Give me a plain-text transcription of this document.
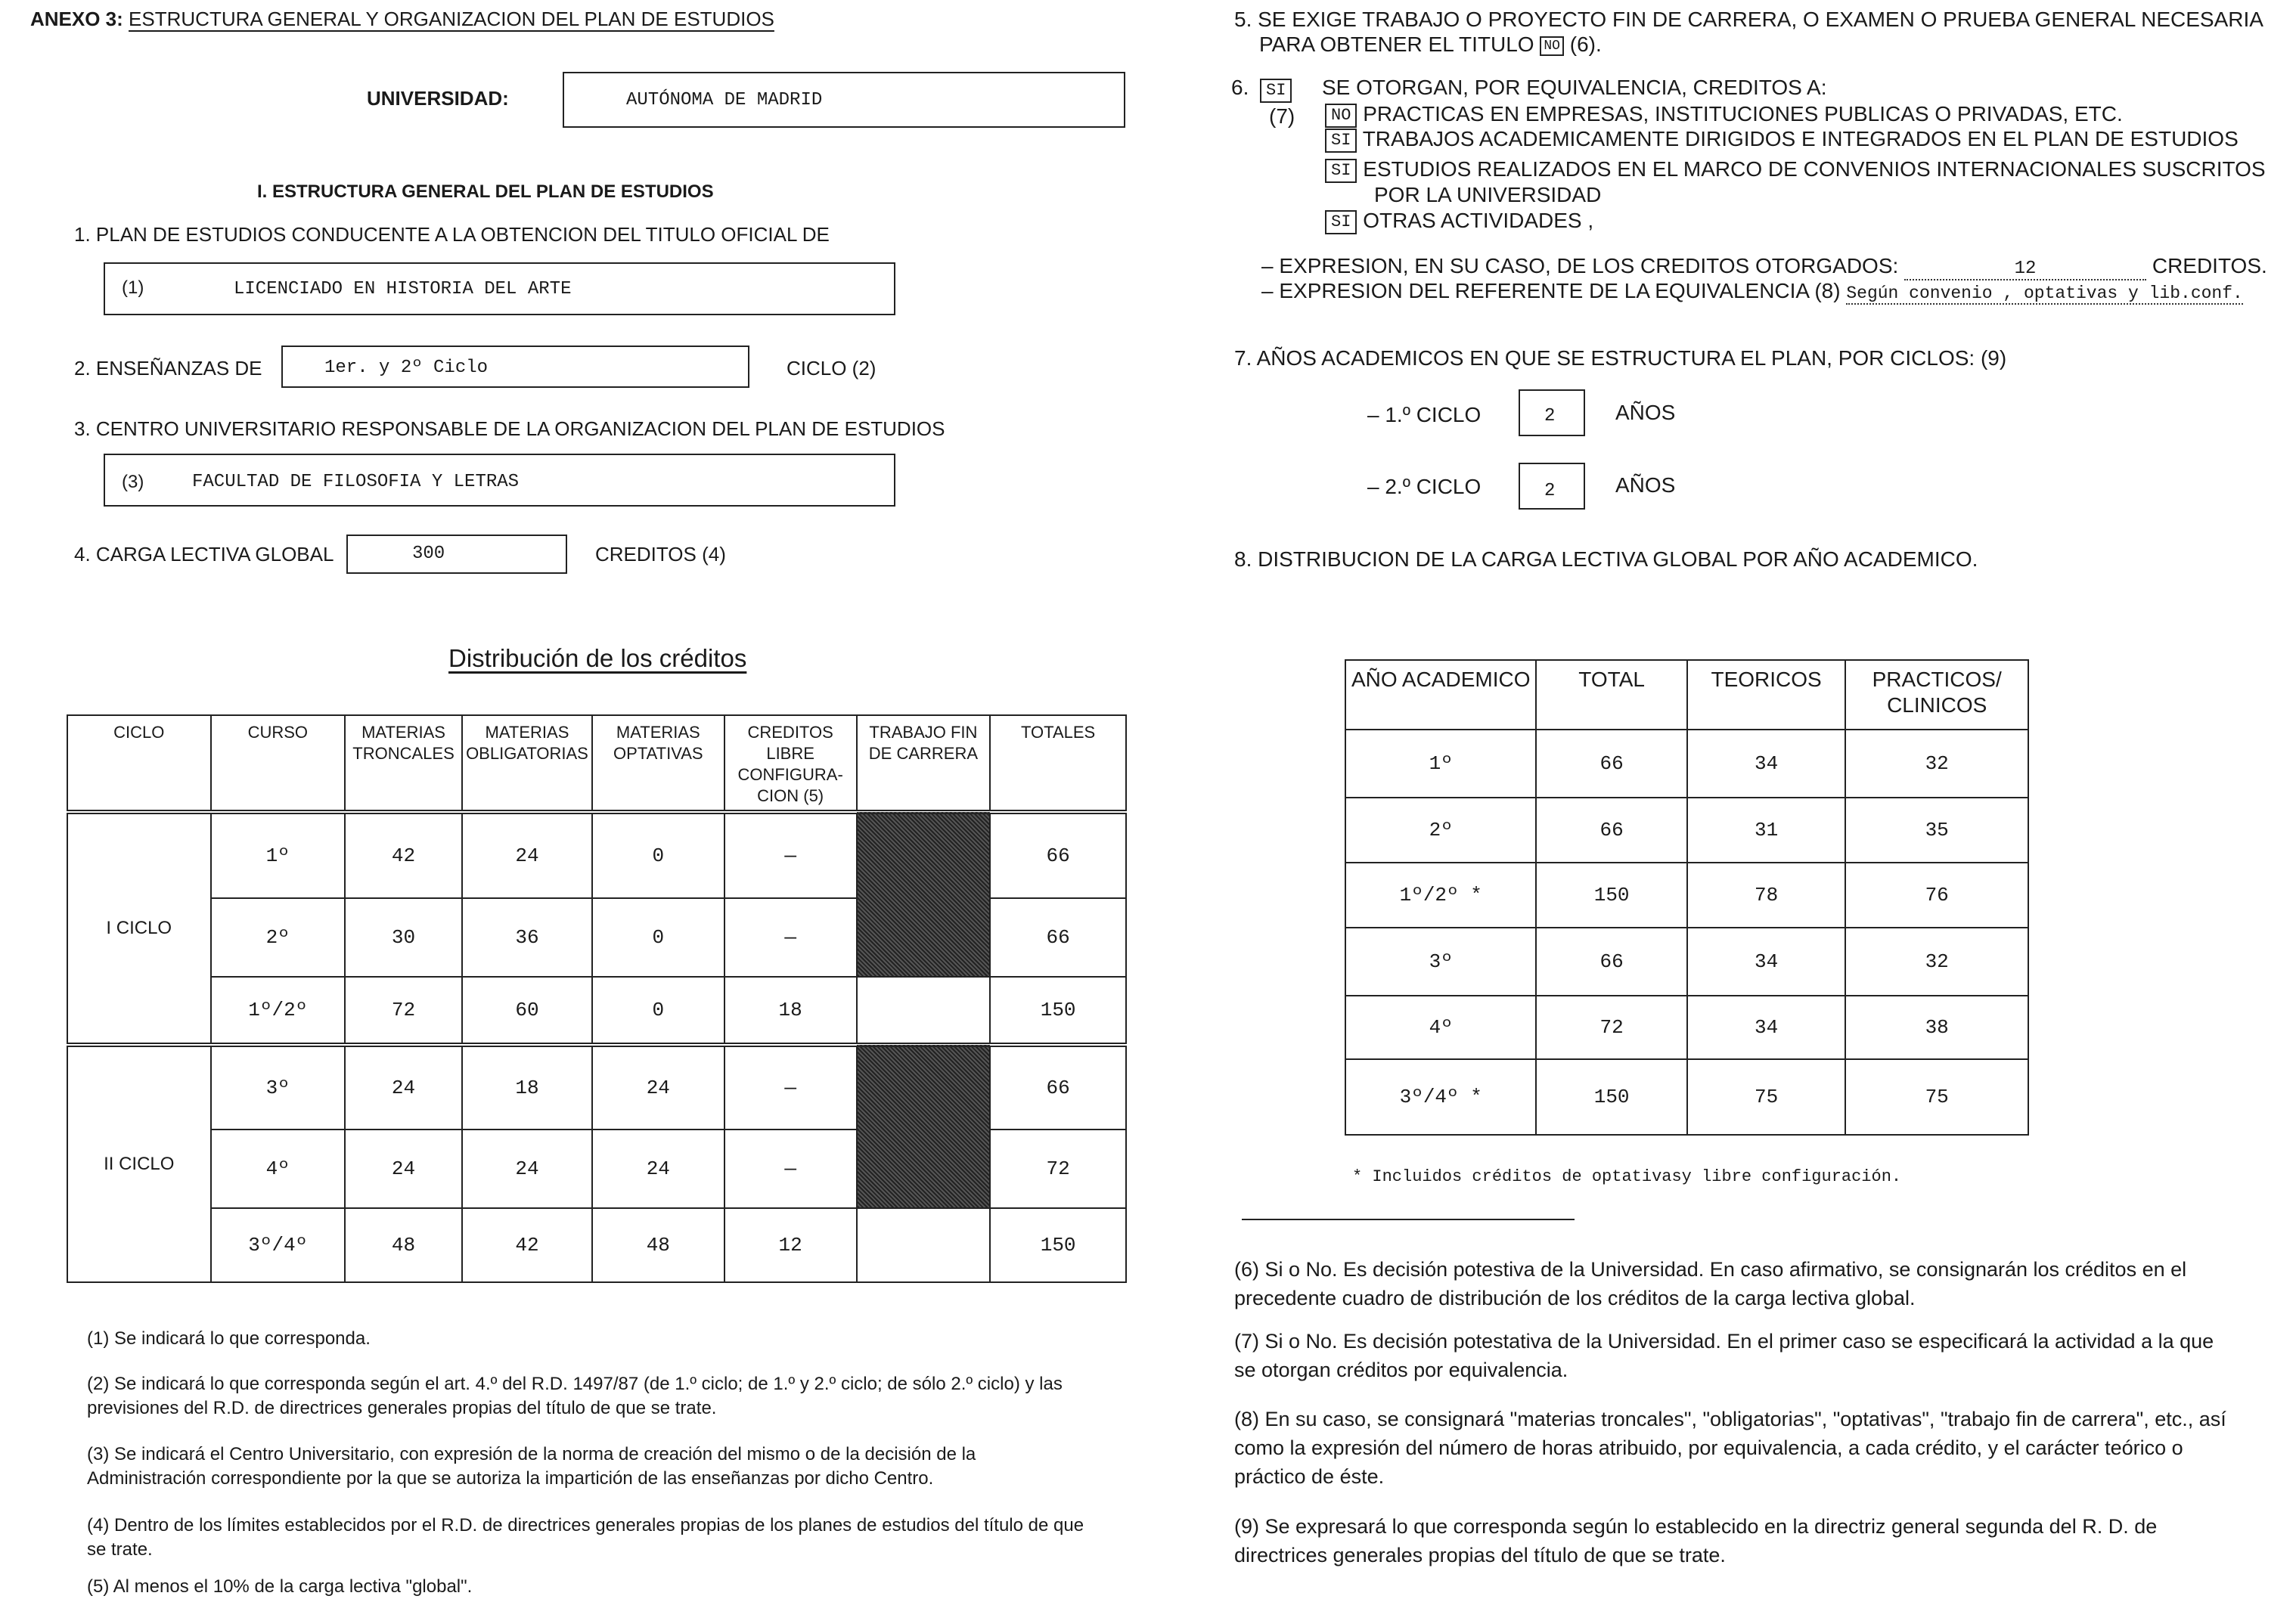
ANEXO 3: ESTRUCTURA GENERAL Y ORGANIZACION DEL PLAN DE ESTUDIOS
UNIVERSIDAD:	AUTÓNOMA DE MADRID
I. ESTRUCTURA GENERAL DEL PLAN DE ESTUDIOS
1. PLAN DE ESTUDIOS CONDUCENTE A LA OBTENCION DEL TITULO OFICIAL DE
(1)	LICENCIADO EN HISTORIA DEL ARTE
2. ENSEÑANZAS DE	1er. y 2º Ciclo	CICLO (2)
3. CENTRO UNIVERSITARIO RESPONSABLE DE LA ORGANIZACION DEL PLAN DE ESTUDIOS
(3)	FACULTAD DE FILOSOFIA Y LETRAS
4. CARGA LECTIVA GLOBAL	300	CREDITOS (4)
Distribución de los créditos
CICLO	CURSO	MATERIAS TRONCALES	MATERIAS OBLIGATORIAS	MATERIAS OPTATIVAS	CREDITOS LIBRE CONFIGURA- CION (5)	TRABAJO FIN DE CARRERA	TOTALES
I CICLO	1º	42	24	0	—		66
	2º	30	36	0	—		66
	1º/2º	72	60	0	18		150
II CICLO	3º	24	18	24	—		66
	4º	24	24	24	—		72
	3º/4º	48	42	48	12		150
(1) Se indicará lo que corresponda.
(2) Se indicará lo que corresponda según el art. 4.º del R.D. 1497/87 (de 1.º ciclo; de 1.º y 2.º ciclo; de sólo 2.º ciclo) y las previsiones del R.D. de directrices generales propias del título de que se trate.
(3) Se indicará el Centro Universitario, con expresión de la norma de creación del mismo o de la decisión de la Administración correspondiente por la que se autoriza la impartición de las enseñanzas por dicho Centro.
(4) Dentro de los límites establecidos por el R.D. de directrices generales propias de los planes de estudios del título de que se trate.
(5) Al menos el 10% de la carga lectiva "global".
5. SE EXIGE TRABAJO O PROYECTO FIN DE CARRERA, O EXAMEN O PRUEBA GENERAL NECESARIA
PARA OBTENER EL TITULO NO (6).
6.	SI
(7)
SE OTORGAN, POR EQUIVALENCIA, CREDITOS A:
NO PRACTICAS EN EMPRESAS, INSTITUCIONES PUBLICAS O PRIVADAS, ETC.
SI TRABAJOS ACADEMICAMENTE DIRIGIDOS E INTEGRADOS EN EL PLAN DE ESTUDIOS
SI ESTUDIOS REALIZADOS EN EL MARCO DE CONVENIOS INTERNACIONALES SUSCRITOS
POR LA UNIVERSIDAD
SI OTRAS ACTIVIDADES ,
– EXPRESION, EN SU CASO, DE LOS CREDITOS OTORGADOS:	12	CREDITOS.
– EXPRESION DEL REFERENTE DE LA EQUIVALENCIA (8) Según convenio , optativas y lib.conf.
7. AÑOS ACADEMICOS EN QUE SE ESTRUCTURA EL PLAN, POR CICLOS: (9)
– 1.º CICLO	2	AÑOS
– 2.º CICLO	2	AÑOS
8. DISTRIBUCION DE LA CARGA LECTIVA GLOBAL POR AÑO ACADEMICO.
AÑO ACADEMICO	TOTAL	TEORICOS	PRACTICOS/ CLINICOS
1º	66	34	32
2º	66	31	35
1º/2º *	150	78	76
3º	66	34	32
4º	72	34	38
3º/4º *	150	75	75
* Incluidos créditos de optativasy libre configuración.
(6) Si o No. Es decisión potestiva de la Universidad. En caso afirmativo, se consignarán los créditos en el precedente cuadro de distribución de los créditos de la carga lectiva global.
(7) Si o No. Es decisión potestativa de la Universidad. En el primer caso se especificará la actividad a la que se otorgan créditos por equivalencia.
(8) En su caso, se consignará "materias troncales", "obligatorias", "optativas", "trabajo fin de carrera", etc., así como la expresión del número de horas atribuido, por equivalencia, a cada crédito, y el carácter teórico o práctico de éste.
(9) Se expresará lo que corresponda según lo establecido en la directriz general segunda del R. D. de directrices generales propias del título de que se trate.
